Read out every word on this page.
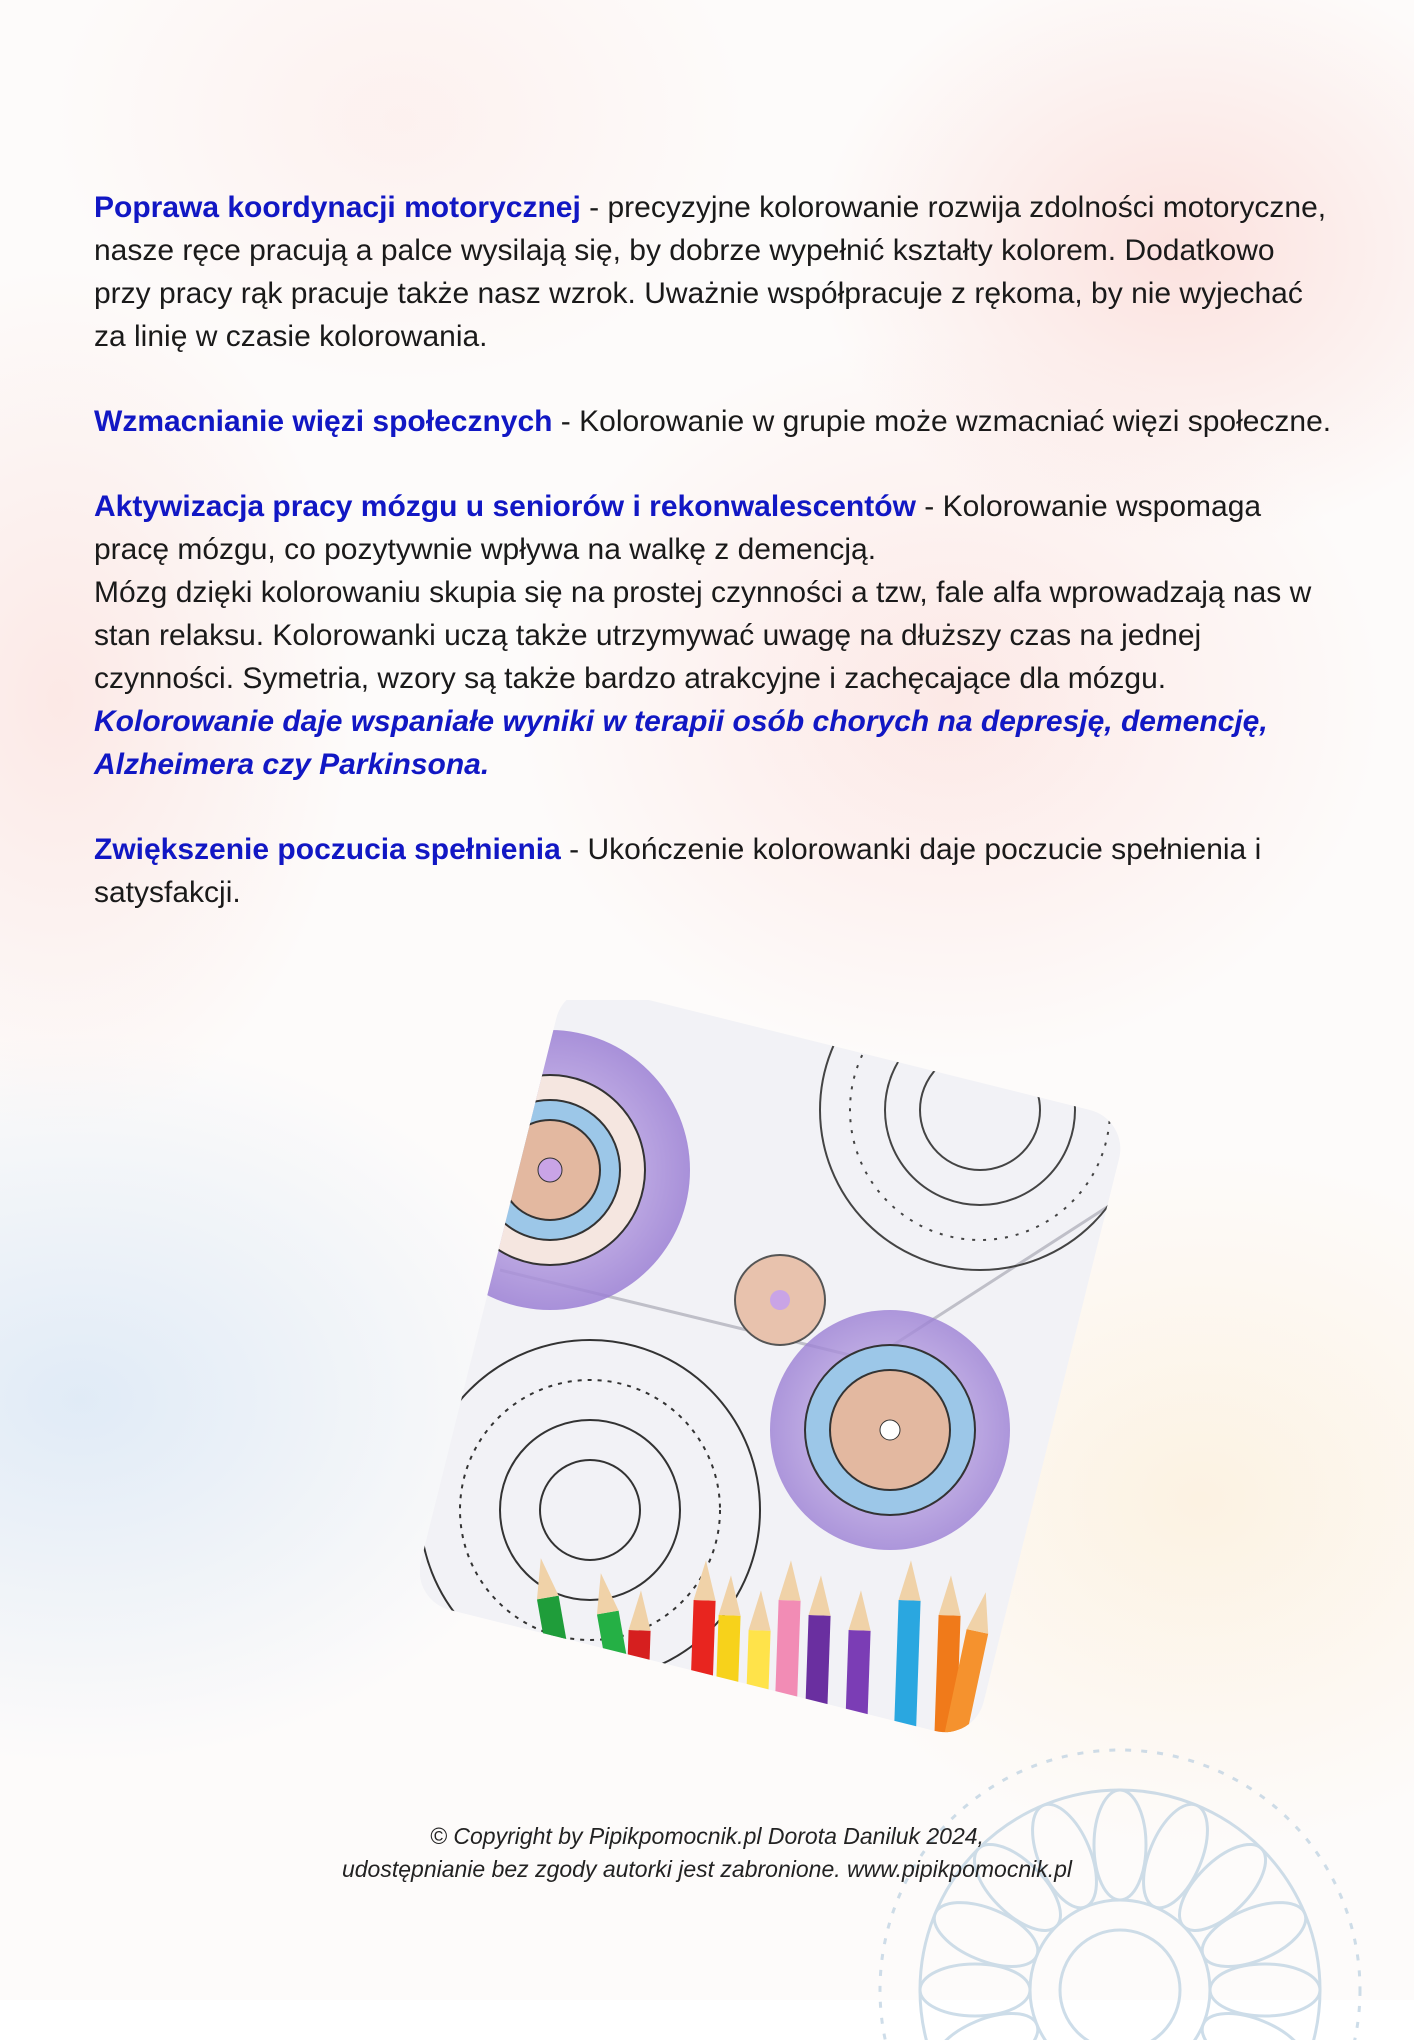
Poprawa koordynacji motorycznej - precyzyjne kolorowanie rozwija zdolności motoryczne, nasze ręce pracują a palce wysilają się, by dobrze wypełnić kształty kolorem. Dodatkowo przy pracy rąk pracuje także nasz wzrok. Uważnie współpracuje z rękoma, by nie wyjechać za linię w czasie kolorowania.

Wzmacnianie więzi społecznych - Kolorowanie w grupie może wzmacniać więzi społeczne.

Aktywizacja pracy mózgu u seniorów i rekonwalescentów - Kolorowanie wspomaga pracę mózgu, co pozytywnie wpływa na walkę z demencją.
Mózg dzięki kolorowaniu skupia się na prostej czynności a tzw, fale alfa wprowadzają nas w stan relaksu. Kolorowanki uczą także utrzymywać uwagę na dłuższy czas na jednej czynności. Symetria, wzory są także bardzo atrakcyjne i zachęcające dla mózgu. Kolorowanie daje wspaniałe wyniki w terapii osób chorych na depresję, demencję, Alzheimera czy Parkinsona.

Zwiększenie poczucia spełnienia - Ukończenie kolorowanki daje poczucie spełnienia i satysfakcji.

© Copyright by Pipikpomocnik.pl Dorota Daniluk 2024,
udostępnianie bez zgody autorki jest zabronione. www.pipikpomocnik.pl
